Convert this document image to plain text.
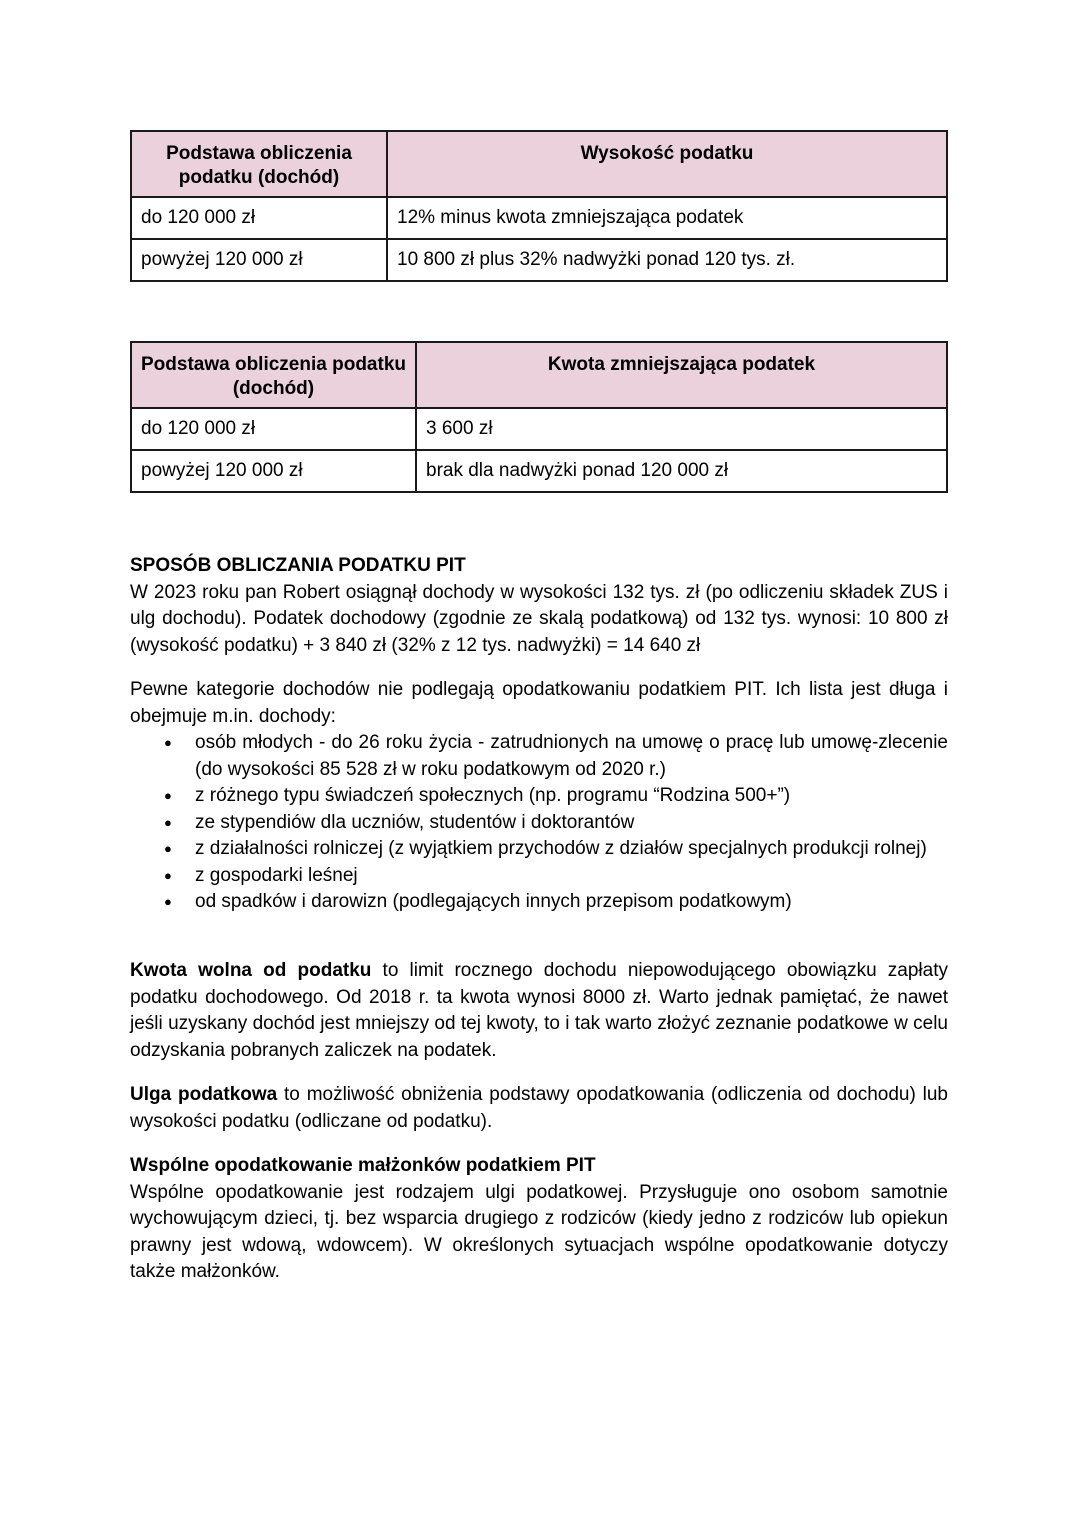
Podstawa obliczenia podatku (dochód)	Wysokość podatku
do 120 000 zł	12% minus kwota zmniejszająca podatek
powyżej 120 000 zł	10 800 zł plus 32% nadwyżki ponad 120 tys. zł.
Podstawa obliczenia podatku (dochód)	Kwota zmniejszająca podatek
do 120 000 zł	3 600 zł
powyżej 120 000 zł	brak dla nadwyżki ponad 120 000 zł

SPOSÓB OBLICZANIA PODATKU PIT

W 2023 roku pan Robert osiągnął dochody w wysokości 132 tys. zł (po odliczeniu składek ZUS i ulg dochodu). Podatek dochodowy (zgodnie ze skalą podatkową) od 132 tys. wynosi: 10 800 zł (wysokość podatku) + 3 840 zł (32% z 12 tys. nadwyżki) = 14 640 zł

Pewne kategorie dochodów nie podlegają opodatkowaniu podatkiem PIT. Ich lista jest długa i obejmuje m.in. dochody:

● osób młodych - do 26 roku życia - zatrudnionych na umowę o pracę lub umowę-zlecenie (do wysokości 85 528 zł w roku podatkowym od 2020 r.)
● z różnego typu świadczeń społecznych (np. programu “Rodzina 500+”)
● ze stypendiów dla uczniów, studentów i doktorantów
● z działalności rolniczej (z wyjątkiem przychodów z działów specjalnych produkcji rolnej)
● z gospodarki leśnej
● od spadków i darowizn (podlegających innych przepisom podatkowym)

Kwota wolna od podatku to limit rocznego dochodu niepowodującego obowiązku zapłaty podatku dochodowego. Od 2018 r. ta kwota wynosi 8000 zł. Warto jednak pamiętać, że nawet jeśli uzyskany dochód jest mniejszy od tej kwoty, to i tak warto złożyć zeznanie podatkowe w celu odzyskania pobranych zaliczek na podatek.

Ulga podatkowa to możliwość obniżenia podstawy opodatkowania (odliczenia od dochodu) lub wysokości podatku (odliczane od podatku).

Wspólne opodatkowanie małżonków podatkiem PIT

Wspólne opodatkowanie jest rodzajem ulgi podatkowej. Przysługuje ono osobom samotnie wychowującym dzieci, tj. bez wsparcia drugiego z rodziców (kiedy jedno z rodziców lub opiekun prawny jest wdową, wdowcem). W określonych sytuacjach wspólne opodatkowanie dotyczy także małżonków.
